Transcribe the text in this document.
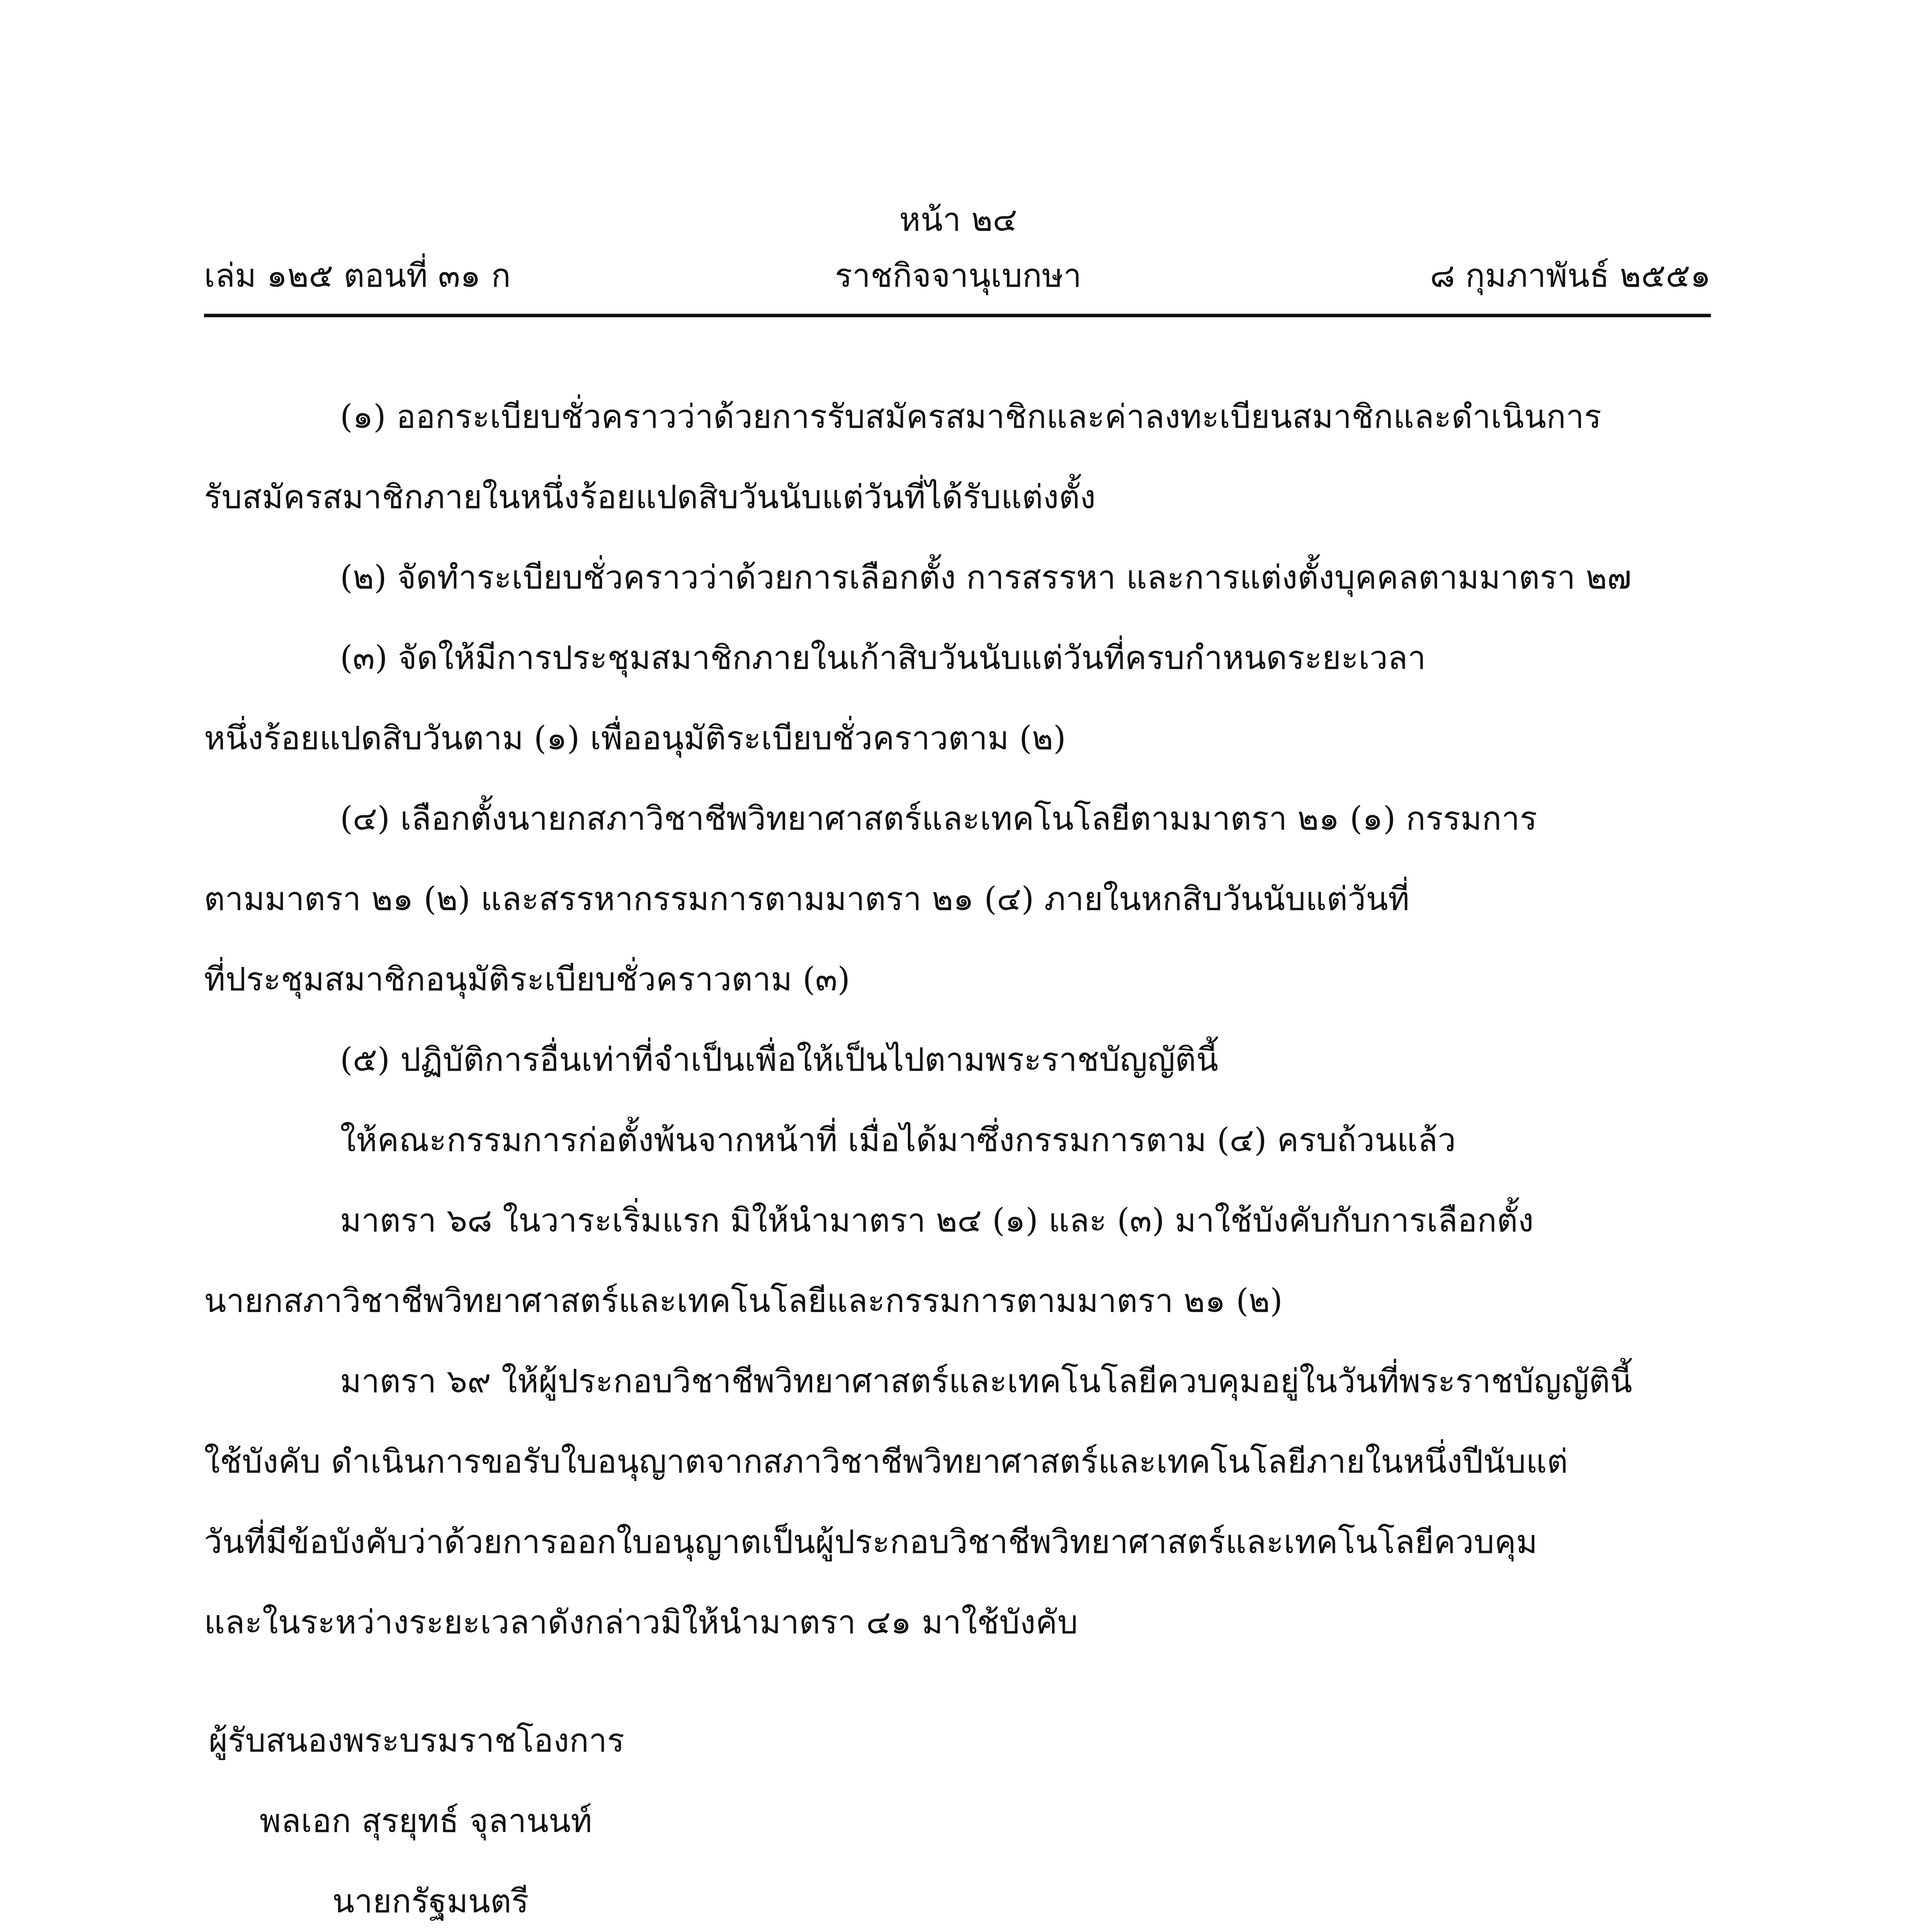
หน้า ๒๔
เล่ม ๑๒๕ ตอนที่ ๓๑ ก	ราชกิจจานุเบกษา	๘ กุมภาพันธ์ ๒๕๕๑
(๑) ออกระเบียบชั่วคราวว่าด้วยการรับสมัครสมาชิกและค่าลงทะเบียนสมาชิกและดำเนินการ
รับสมัครสมาชิกภายในหนึ่งร้อยแปดสิบวันนับแต่วันที่ได้รับแต่งตั้ง
(๒) จัดทำระเบียบชั่วคราวว่าด้วยการเลือกตั้ง การสรรหา และการแต่งตั้งบุคคลตามมาตรา ๒๗
(๓) จัดให้มีการประชุมสมาชิกภายในเก้าสิบวันนับแต่วันที่ครบกำหนดระยะเวลา
หนึ่งร้อยแปดสิบวันตาม (๑) เพื่ออนุมัติระเบียบชั่วคราวตาม (๒)
(๔) เลือกตั้งนายกสภาวิชาชีพวิทยาศาสตร์และเทคโนโลยีตามมาตรา ๒๑ (๑) กรรมการ
ตามมาตรา ๒๑ (๒) และสรรหากรรมการตามมาตรา ๒๑ (๔) ภายในหกสิบวันนับแต่วันที่
ที่ประชุมสมาชิกอนุมัติระเบียบชั่วคราวตาม (๓)
(๕) ปฏิบัติการอื่นเท่าที่จำเป็นเพื่อให้เป็นไปตามพระราชบัญญัตินี้
ให้คณะกรรมการก่อตั้งพ้นจากหน้าที่ เมื่อได้มาซึ่งกรรมการตาม (๔) ครบถ้วนแล้ว
มาตรา ๖๘ ในวาระเริ่มแรก มิให้นำมาตรา ๒๔ (๑) และ (๓) มาใช้บังคับกับการเลือกตั้ง
นายกสภาวิชาชีพวิทยาศาสตร์และเทคโนโลยีและกรรมการตามมาตรา ๒๑ (๒)
มาตรา ๖๙ ให้ผู้ประกอบวิชาชีพวิทยาศาสตร์และเทคโนโลยีควบคุมอยู่ในวันที่พระราชบัญญัตินี้
ใช้บังคับ ดำเนินการขอรับใบอนุญาตจากสภาวิชาชีพวิทยาศาสตร์และเทคโนโลยีภายในหนึ่งปีนับแต่
วันที่มีข้อบังคับว่าด้วยการออกใบอนุญาตเป็นผู้ประกอบวิชาชีพวิทยาศาสตร์และเทคโนโลยีควบคุม
และในระหว่างระยะเวลาดังกล่าวมิให้นำมาตรา ๔๑ มาใช้บังคับ
ผู้รับสนองพระบรมราชโองการ
พลเอก สุรยุทธ์ จุลานนท์
นายกรัฐมนตรี
